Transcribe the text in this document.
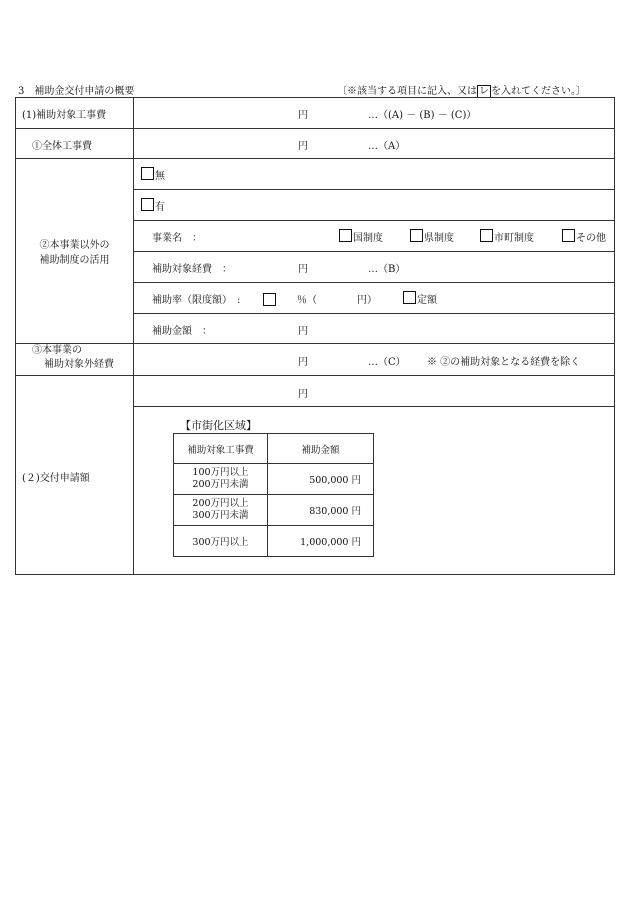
3　補助金交付申請の概要	〔※該当する項目に記入、又は レ を入れてください。〕
(1)補助対象工事費	円	…（(A) － (B) － (C)）
①全体工事費	円	…（A）
②本事業以外の
補助制度の活用
無
有
事業名　：	国制度	県制度	市町制度	その他
補助対象経費　：	円	…（B）
補助率（限度額）　:	％（	円）	定額
補助金額　：	円
③本事業の
補助対象外経費	円	…（C） ※ ②の補助対象となる経費を除く
(２)交付申請額
円
【市街化区域】
補助対象工事費	補助金額

100万円以上
200万円未満	500,000 円

200万円以上
300万円未満	830,000 円
300万円以上	1,000,000 円
